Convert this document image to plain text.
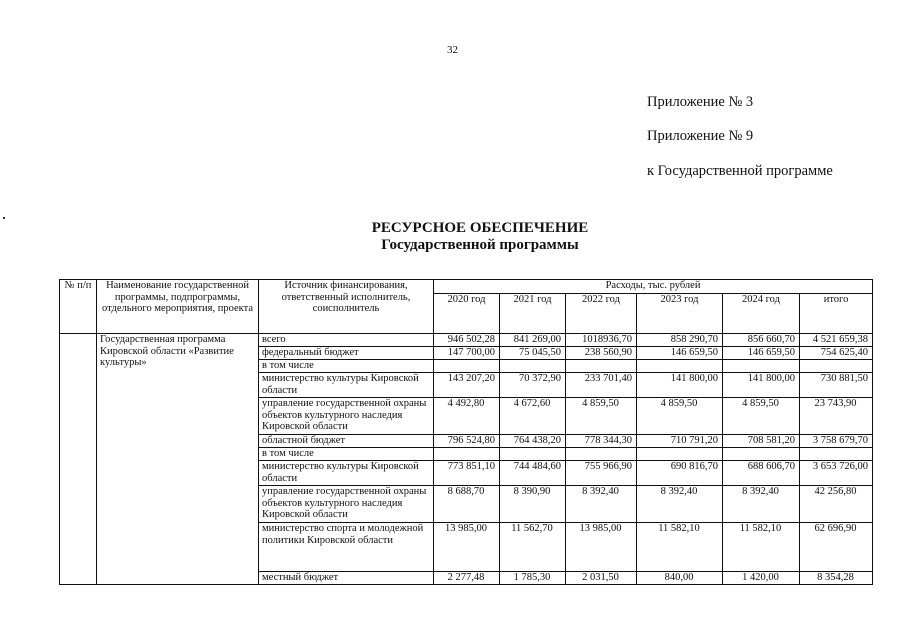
32
Приложение № 3
Приложение № 9
к Государственной программе
РЕСУРСНОЕ ОБЕСПЕЧЕНИЕ
Государственной программы
№ п/п	Наименование государственной программы, подпрограммы, отдельного мероприятия, проекта	Источник финансирования, ответственный исполнитель, соисполнитель	Расходы, тыс. рублей					
			2020 год	2021 год	2022 год	2023 год	2024 год	итого
	Государственная программа Кировской области «Развитие культуры»	всего	946 502,28	841 269,00	1018936,70	858 290,70	856 660,70	4 521 659,38
		федеральный бюджет	147 700,00	75 045,50	238 560,90	146 659,50	146 659,50	754 625,40
		в том числе						
		министерство культуры Кировской области	143 207,20	70 372,90	233 701,40	141 800,00	141 800,00	730 881,50
		управление государственной охраны объектов культурного наследия Кировской области	4 492,80	4 672,60	4 859,50	4 859,50	4 859,50	23 743,90
		областной бюджет	796 524,80	764 438,20	778 344,30	710 791,20	708 581,20	3 758 679,70
		в том числе						
		министерство культуры Кировской области	773 851,10	744 484,60	755 966,90	690 816,70	688 606,70	3 653 726,00
		управление государственной охраны объектов культурного наследия Кировской области	8 688,70	8 390,90	8 392,40	8 392,40	8 392,40	42 256,80
		министерство спорта и молодежной политики Кировской области	13 985,00	11 562,70	13 985,00	11 582,10	11 582,10	62 696,90
		местный бюджет	2 277,48	1 785,30	2 031,50	840,00	1 420,00	8 354,28
